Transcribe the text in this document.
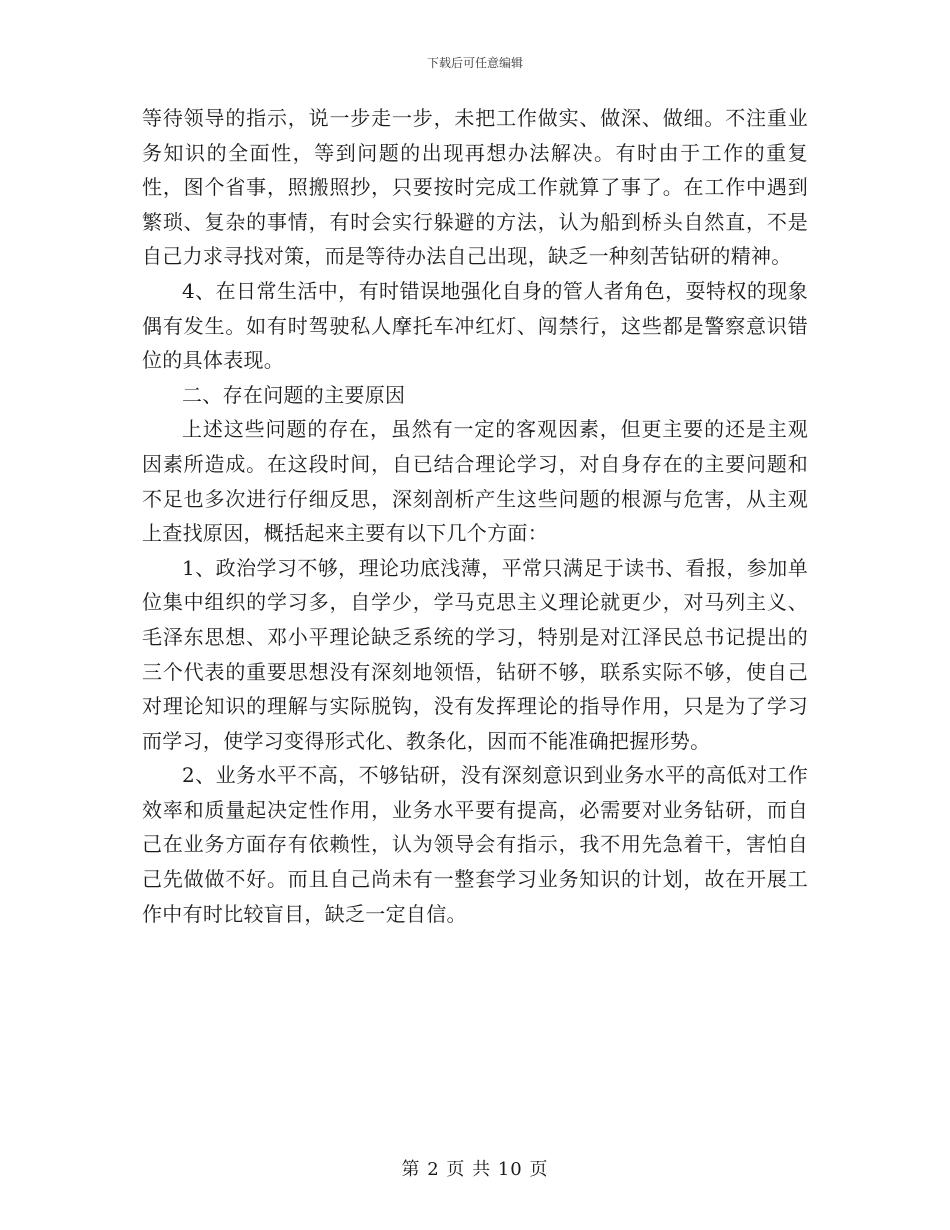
下载后可任意编辑

等待领导的指示，说一步走一步，未把工作做实、做深、做细。不注重业务知识的全面性，等到问题的出现再想办法解决。有时由于工作的重复性，图个省事，照搬照抄，只要按时完成工作就算了事了。在工作中遇到繁琐、复杂的事情，有时会实行躲避的方法，认为船到桥头自然直，不是自己力求寻找对策，而是等待办法自己出现，缺乏一种刻苦钻研的精神。

4、在日常生活中，有时错误地强化自身的管人者角色，耍特权的现象偶有发生。如有时驾驶私人摩托车冲红灯、闯禁行，这些都是警察意识错位的具体表现。

二、存在问题的主要原因

上述这些问题的存在，虽然有一定的客观因素，但更主要的还是主观因素所造成。在这段时间，自已结合理论学习，对自身存在的主要问题和不足也多次进行仔细反思，深刻剖析产生这些问题的根源与危害，从主观上查找原因，概括起来主要有以下几个方面：

1、政治学习不够，理论功底浅薄，平常只满足于读书、看报，参加单位集中组织的学习多，自学少，学马克思主义理论就更少，对马列主义、毛泽东思想、邓小平理论缺乏系统的学习，特别是对江泽民总书记提出的三个代表的重要思想没有深刻地领悟，钻研不够，联系实际不够，使自己对理论知识的理解与实际脱钩，没有发挥理论的指导作用，只是为了学习而学习，使学习变得形式化、教条化，因而不能准确把握形势。

2、业务水平不高，不够钻研，没有深刻意识到业务水平的高低对工作效率和质量起决定性作用，业务水平要有提高，必需要对业务钻研，而自己在业务方面存有依赖性，认为领导会有指示，我不用先急着干，害怕自己先做做不好。而且自己尚未有一整套学习业务知识的计划，故在开展工作中有时比较盲目，缺乏一定自信。

第 2 页 共 10 页
